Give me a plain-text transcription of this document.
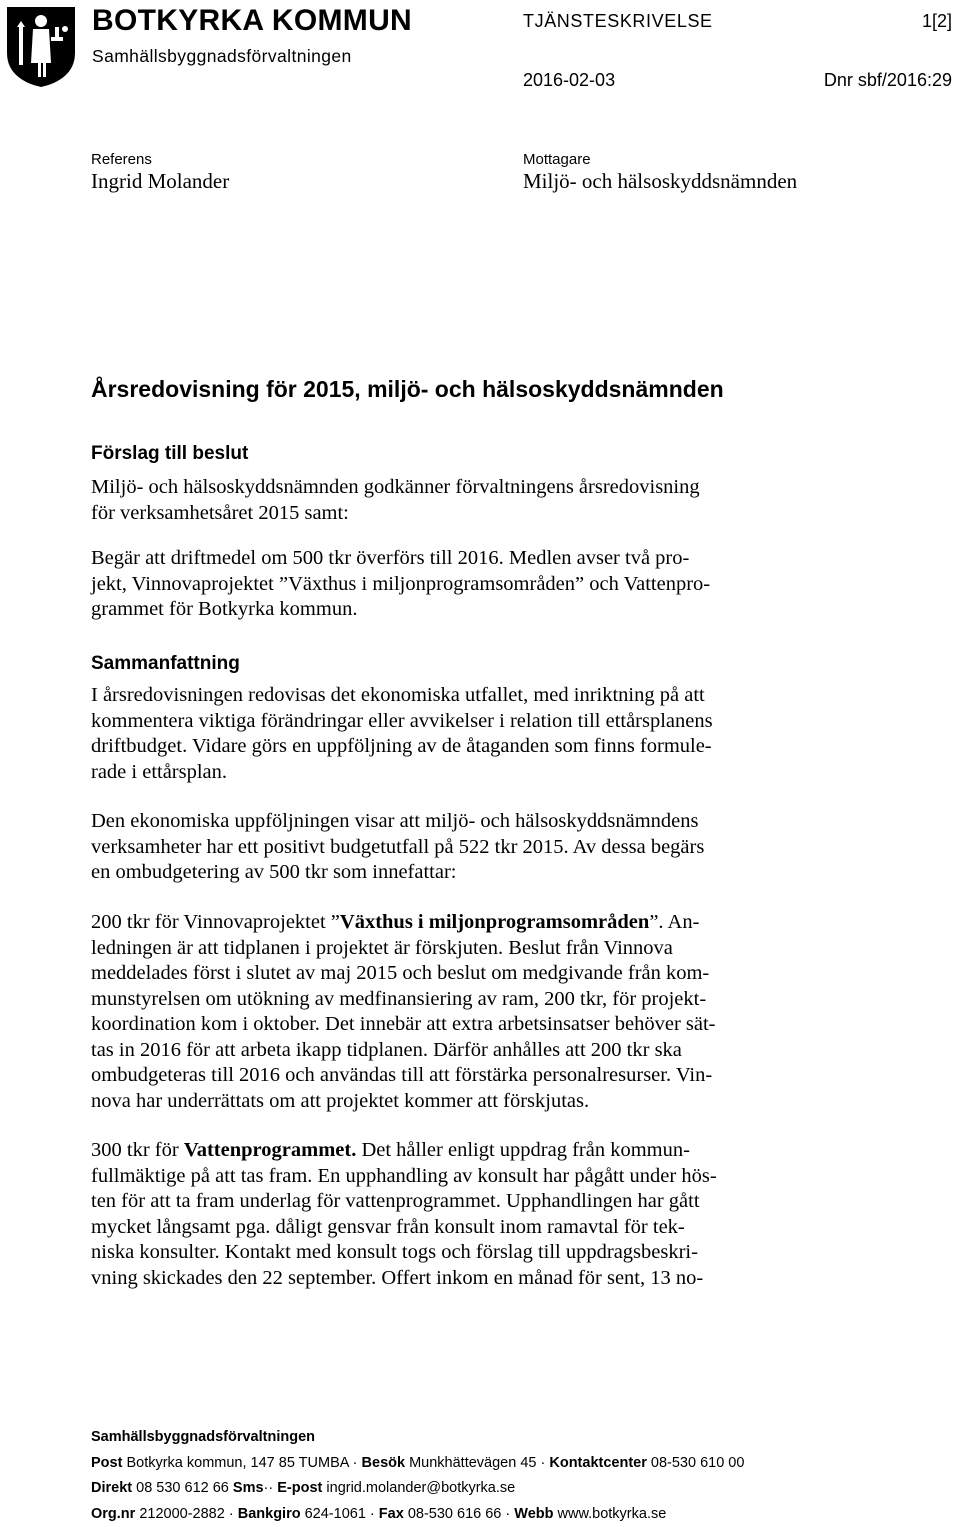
BOTKYRKA KOMMUN
Samhällsbyggnadsförvaltningen
TJÄNSTESKRIVELSE	1[2]
2016-02-03	Dnr sbf/2016:29
Referens
Ingrid Molander
Mottagare
Miljö- och hälsoskyddsnämnden
Årsredovisning för 2015, miljö- och hälsoskyddsnämnden
Förslag till beslut
Miljö- och hälsoskyddsnämnden godkänner förvaltningens årsredovisning
för verksamhetsåret 2015 samt:
Begär att driftmedel om 500 tkr överförs till 2016. Medlen avser två pro-
jekt, Vinnovaprojektet ”Växthus i miljonprogramsområden” och Vattenpro-
grammet för Botkyrka kommun.
Sammanfattning
I årsredovisningen redovisas det ekonomiska utfallet, med inriktning på att
kommentera viktiga förändringar eller avvikelser i relation till ettårsplanens
driftbudget. Vidare görs en uppföljning av de åtaganden som finns formule-
rade i ettårsplan.
Den ekonomiska uppföljningen visar att miljö- och hälsoskyddsnämndens
verksamheter har ett positivt budgetutfall på 522 tkr 2015. Av dessa begärs
en ombudgetering av 500 tkr som innefattar:
200 tkr för Vinnovaprojektet ”Växthus i miljonprogramsområden”. An-
ledningen är att tidplanen i projektet är förskjuten. Beslut från Vinnova
meddelades först i slutet av maj 2015 och beslut om medgivande från kom-
munstyrelsen om utökning av medfinansiering av ram, 200 tkr, för projekt-
koordination kom i oktober. Det innebär att extra arbetsinsatser behöver sät-
tas in 2016 för att arbeta ikapp tidplanen. Därför anhålles att 200 tkr ska
ombudgeteras till 2016 och användas till att förstärka personalresurser. Vin-
nova har underrättats om att projektet kommer att förskjutas.
300 tkr för Vattenprogrammet. Det håller enligt uppdrag från kommun-
fullmäktige på att tas fram. En upphandling av konsult har pågått under hös-
ten för att ta fram underlag för vattenprogrammet. Upphandlingen har gått
mycket långsamt pga. dåligt gensvar från konsult inom ramavtal för tek-
niska konsulter. Kontakt med konsult togs och förslag till uppdragsbeskri-
vning skickades den 22 september. Offert inkom en månad för sent, 13 no-
Samhällsbyggnadsförvaltningen
Post Botkyrka kommun, 147 85 TUMBA · Besök Munkhättevägen 45 · Kontaktcenter 08-530 610 00
Direkt 08 530 612 66 Sms·· E-post ingrid.molander@botkyrka.se
Org.nr 212000-2882 · Bankgiro 624-1061 · Fax 08-530 616 66 · Webb www.botkyrka.se
